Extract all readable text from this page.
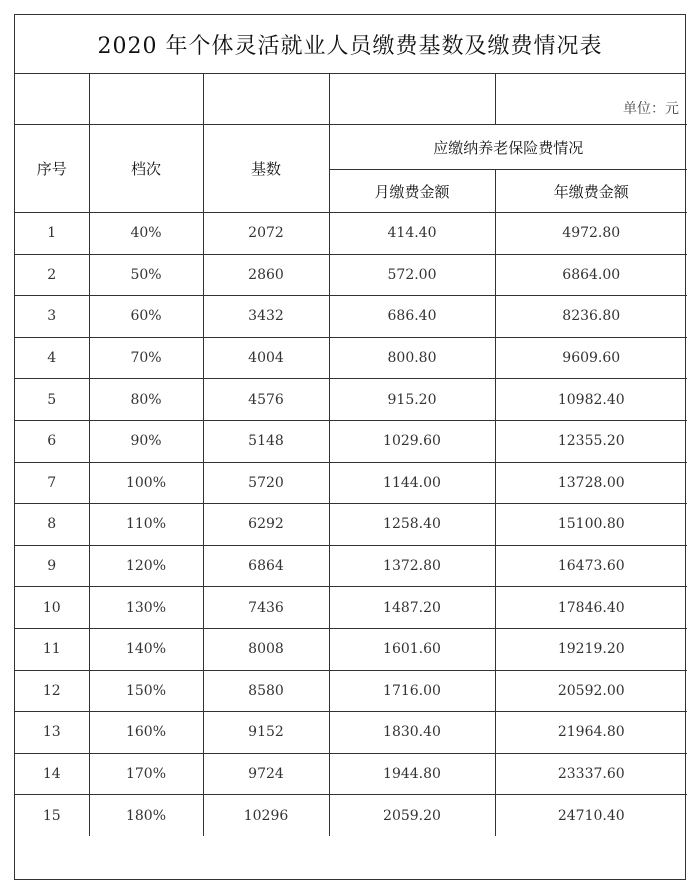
2020 年个体灵活就业人员缴费基数及缴费情况表
				单位：元
序号	档次	基数	应缴纳养老保险费情况	
			月缴费金额	年缴费金额
1	40%	2072	414.40	4972.80
2	50%	2860	572.00	6864.00
3	60%	3432	686.40	8236.80
4	70%	4004	800.80	9609.60
5	80%	4576	915.20	10982.40
6	90%	5148	1029.60	12355.20
7	100%	5720	1144.00	13728.00
8	110%	6292	1258.40	15100.80
9	120%	6864	1372.80	16473.60
10	130%	7436	1487.20	17846.40
11	140%	8008	1601.60	19219.20
12	150%	8580	1716.00	20592.00
13	160%	9152	1830.40	21964.80
14	170%	9724	1944.80	23337.60
15	180%	10296	2059.20	24710.40
